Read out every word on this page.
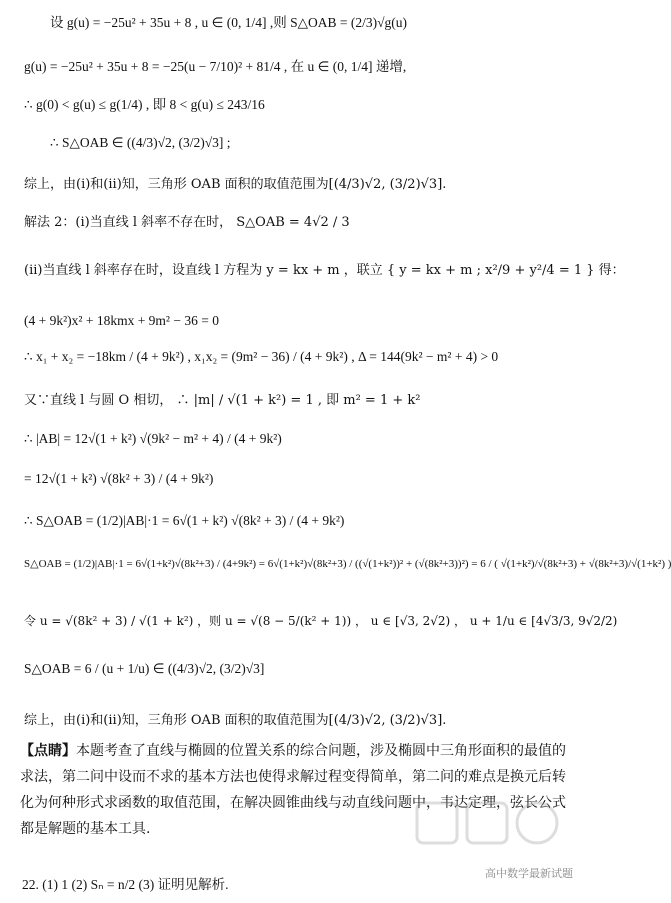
设 g(u) = −25u² + 35u + 8 , u ∈ (0, 1/4] ,则 S△OAB = (2/3)√g(u)
g(u) = −25u² + 35u + 8 = −25(u − 7/10)² + 81/4 , 在 u ∈ (0, 1/4] 递增,
∴ g(0) < g(u) ≤ g(1/4) , 即 8 < g(u) ≤ 243/16
∴ S△OAB ∈ ((4/3)√2, (3/2)√3] ;
综上，由(i)和(ii)知，三角形 OAB 面积的取值范围为[(4/3)√2, (3/2)√3].
解法 2：(i)当直线 l 斜率不存在时， S△OAB = 4√2 / 3
(ii)当直线 l 斜率存在时，设直线 l 方程为 y = kx + m ，联立 { y = kx + m ; x²/9 + y²/4 = 1 } 得：
(4 + 9k²)x² + 18kmx + 9m² − 36 = 0
∴ x₁ + x₂ = −18km / (4 + 9k²) , x₁x₂ = (9m² − 36) / (4 + 9k²) , Δ = 144(9k² − m² + 4) > 0
又∵直线 l 与圆 O 相切， ∴ |m| / √(1 + k²) = 1 , 即 m² = 1 + k²
∴ |AB| = 12√(1 + k²) √(9k² − m² + 4) / (4 + 9k²)
= 12√(1 + k²) √(8k² + 3) / (4 + 9k²)
∴ S△OAB = (1/2)|AB|·1 = 6√(1 + k²) √(8k² + 3) / (4 + 9k²)
S△OAB = (1/2)|AB|·1 = 6√(1+k²)√(8k²+3) / (4+9k²) = 6√(1+k²)√(8k²+3) / ((√(1+k²))² + (√(8k²+3))²) = 6 / ( √(1+k²)/√(8k²+3) + √(8k²+3)/√(1+k²) )
令 u = √(8k² + 3) / √(1 + k²) ，则 u = √(8 − 5/(k² + 1)) ， u ∈ [√3, 2√2) ， u + 1/u ∈ [4√3/3, 9√2/2)
S△OAB = 6 / (u + 1/u) ∈ ((4/3)√2, (3/2)√3]
综上，由(i)和(ii)知，三角形 OAB 面积的取值范围为[(4/3)√2, (3/2)√3].
【点睛】本题考查了直线与椭圆的位置关系的综合问题，涉及椭圆中三角形面积的最值的求法，第二问中设而不求的基本方法也使得求解过程变得简单，第二问的难点是换元后转化为何种形式求函数的取值范围，在解决圆锥曲线与动直线问题中，韦达定理，弦长公式都是解题的基本工具.
22. (1) 1 (2) Sₙ = n/2 (3) 证明见解析.
高中数学最新试题
